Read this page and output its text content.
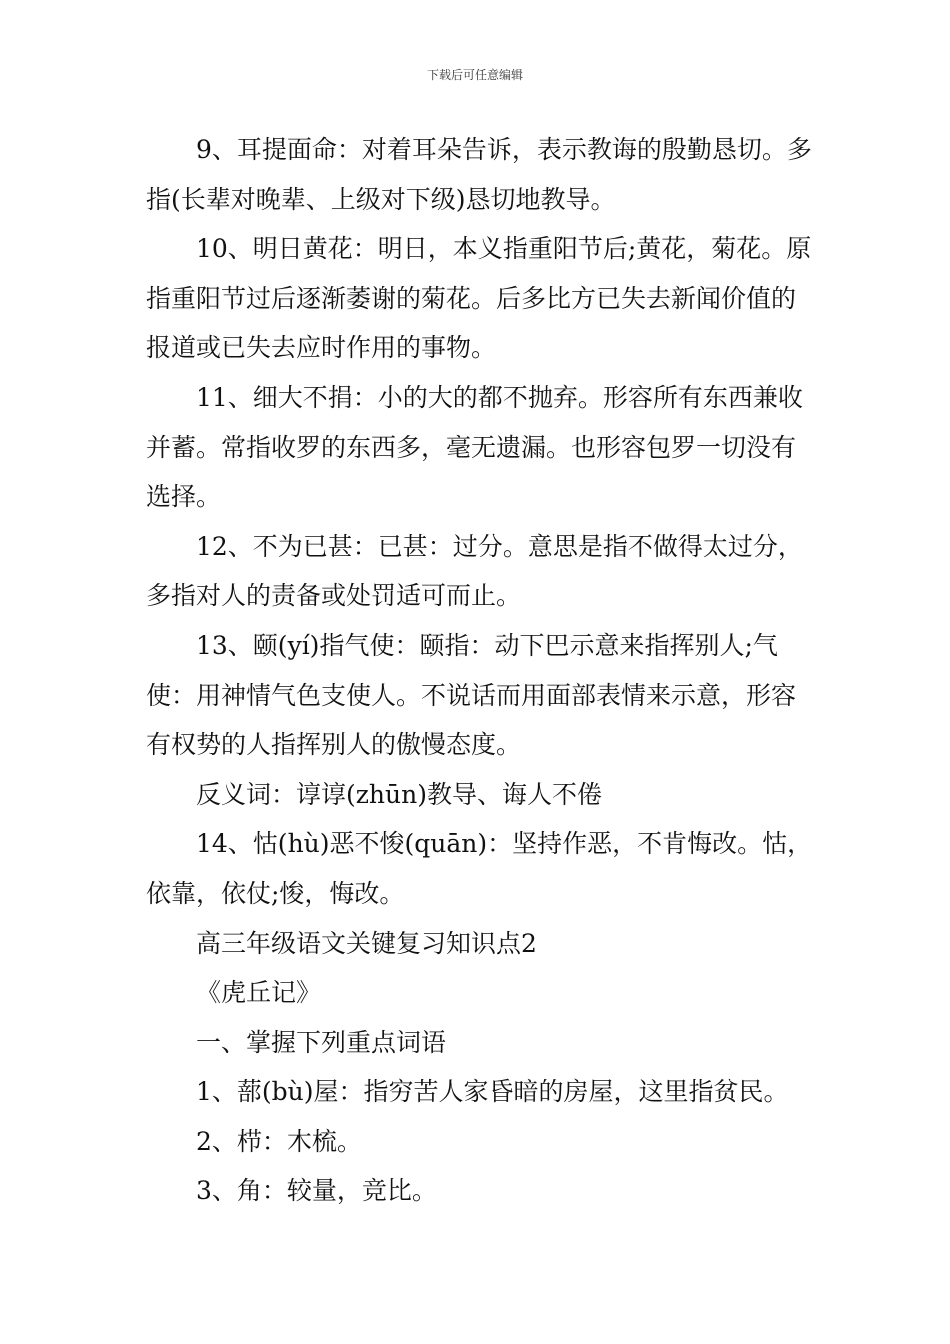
下载后可任意编辑

9、耳提面命：对着耳朵告诉，表示教诲的殷勤恳切。多指(长辈对晚辈、上级对下级)恳切地教导。

10、明日黄花：明日，本义指重阳节后;黄花，菊花。原指重阳节过后逐渐萎谢的菊花。后多比方已失去新闻价值的报道或已失去应时作用的事物。

11、细大不捐：小的大的都不抛弃。形容所有东西兼收并蓄。常指收罗的东西多，毫无遗漏。也形容包罗一切没有选择。

12、不为已甚：已甚：过分。意思是指不做得太过分，多指对人的责备或处罚适可而止。

13、颐(yí)指气使：颐指：动下巴示意来指挥别人;气使：用神情气色支使人。不说话而用面部表情来示意，形容有权势的人指挥别人的傲慢态度。

反义词：谆谆(zhūn)教导、诲人不倦

14、怙(hù)恶不悛(quān)：坚持作恶，不肯悔改。怙，依靠，依仗;悛，悔改。

高三年级语文关键复习知识点2

《虎丘记》

一、掌握下列重点词语

1、蔀(bù)屋：指穷苦人家昏暗的房屋，这里指贫民。

2、栉：木梳。

3、角：较量，竞比。
